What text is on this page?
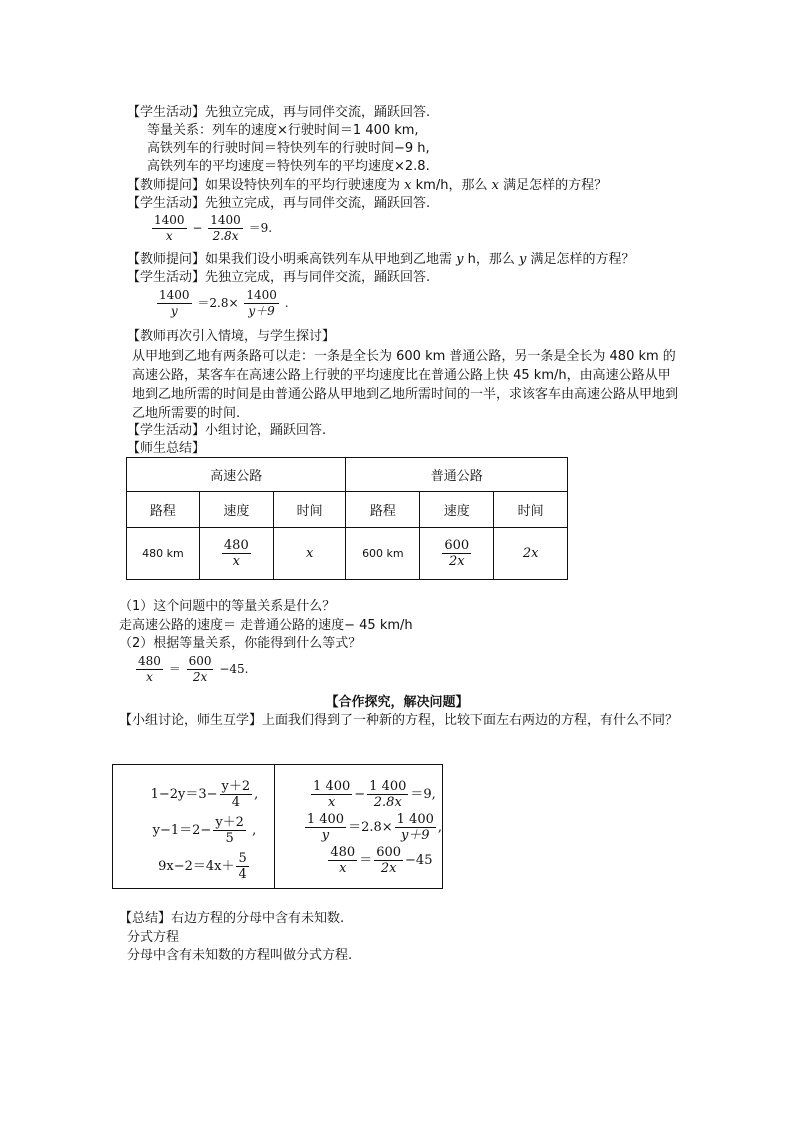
【学生活动】先独立完成，再与同伴交流，踊跃回答.
等量关系：列车的速度×行驶时间＝1 400 km,
高铁列车的行驶时间＝特快列车的行驶时间−9 h,
高铁列车的平均速度＝特快列车的平均速度×2.8.
【教师提问】如果设特快列车的平均行驶速度为 x km/h，那么 x 满足怎样的方程？
【学生活动】先独立完成，再与同伴交流，踊跃回答.
$\frac{1400}{x} - \frac{1400}{2.8x} =9$.
【教师提问】如果我们设小明乘高铁列车从甲地到乙地需 y h，那么 y 满足怎样的方程？
【学生活动】先独立完成，再与同伴交流，踊跃回答.
$\frac{1400}{y} =2.8\times \frac{1400}{y+9}$ .
【教师再次引入情境，与学生探讨】
从甲地到乙地有两条路可以走：一条是全长为 600 km 普通公路，另一条是全长为 480 km 的高速公路，某客车在高速公路上行驶的平均速度比在普通公路上快 45 km/h，由高速公路从甲地到乙地所需的时间是由普通公路从甲地到乙地所需时间的一半，求该客车由高速公路从甲地到乙地所需要的时间.
【学生活动】小组讨论，踊跃回答.
【师生总结】
高速公路			普通公路		
路程	速度	时间	路程	速度	时间
480 km	$\frac{480}{x}$	x	600 km	$\frac{600}{2x}$	2x
（1）这个问题中的等量关系是什么？
走高速公路的速度＝ 走普通公路的速度− 45 km/h
（2）根据等量关系，你能得到什么等式？
$\frac{480}{x} = \frac{600}{2x} -45$.
【合作探究，解决问题】
【小组讨论，师生互学】上面我们得到了一种新的方程，比较下面左右两边的方程，有什么不同？
$1-2y=3- \frac{y+2}{4}$ ,
$y-1=2- \frac{y+2}{5}$ ,
$9x-2=4x+ \frac{5}{4}$

$\frac{1 400}{x} - \frac{1 400}{2.8x} =9$,
$\frac{1 400}{y} =2.8\times \frac{1 400}{y+9}$ ,
$\frac{480}{x} = \frac{600}{2x} -45$
【总结】右边方程的分母中含有未知数.
分式方程
分母中含有未知数的方程叫做分式方程.
